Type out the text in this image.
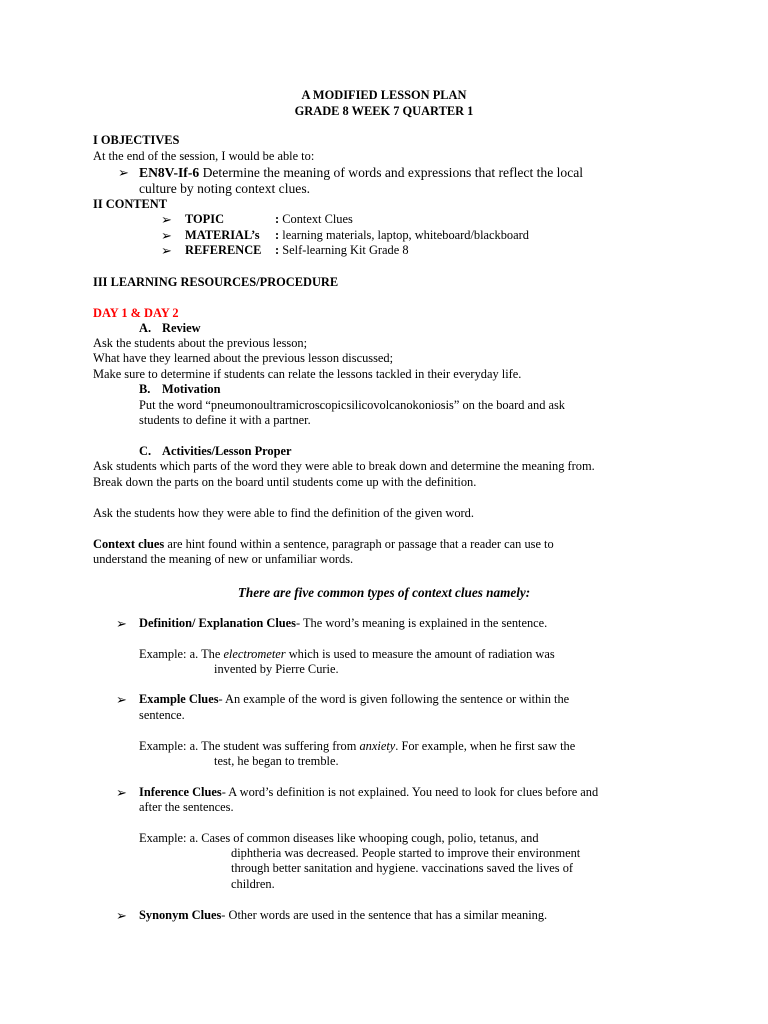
A MODIFIED LESSON PLAN
GRADE 8 WEEK 7 QUARTER 1
I OBJECTIVES
At the end of the session, I would be able to:
➢ EN8V-If-6 Determine the meaning of words and expressions that reflect the local
culture by noting context clues.
II CONTENT
➢ TOPIC	: Context Clues
➢ MATERIAL’s : learning materials, laptop, whiteboard/blackboard
➢ REFERENCE : Self-learning Kit Grade 8
III LEARNING RESOURCES/PROCEDURE
DAY 1 & DAY 2
A. Review
Ask the students about the previous lesson;
What have they learned about the previous lesson discussed;
Make sure to determine if students can relate the lessons tackled in their everyday life.
B. Motivation
Put the word “pneumonoultramicroscopicsilicovolcanokoniosis” on the board and ask
students to define it with a partner.
C. Activities/Lesson Proper
Ask students which parts of the word they were able to break down and determine the meaning from.
Break down the parts on the board until students come up with the definition.
Ask the students how they were able to find the definition of the given word.
Context clues are hint found within a sentence, paragraph or passage that a reader can use to
understand the meaning of new or unfamiliar words.
There are five common types of context clues namely:
➢ Definition/ Explanation Clues- The word’s meaning is explained in the sentence.
Example: a. The electrometer which is used to measure the amount of radiation was
invented by Pierre Curie.
➢ Example Clues- An example of the word is given following the sentence or within the
sentence.
Example: a. The student was suffering from anxiety. For example, when he first saw the
test, he began to tremble.
➢ Inference Clues- A word’s definition is not explained. You need to look for clues before and
after the sentences.
Example: a. Cases of common diseases like whooping cough, polio, tetanus, and
diphtheria was decreased. People started to improve their environment
through better sanitation and hygiene. vaccinations saved the lives of
children.
➢ Synonym Clues- Other words are used in the sentence that has a similar meaning.
